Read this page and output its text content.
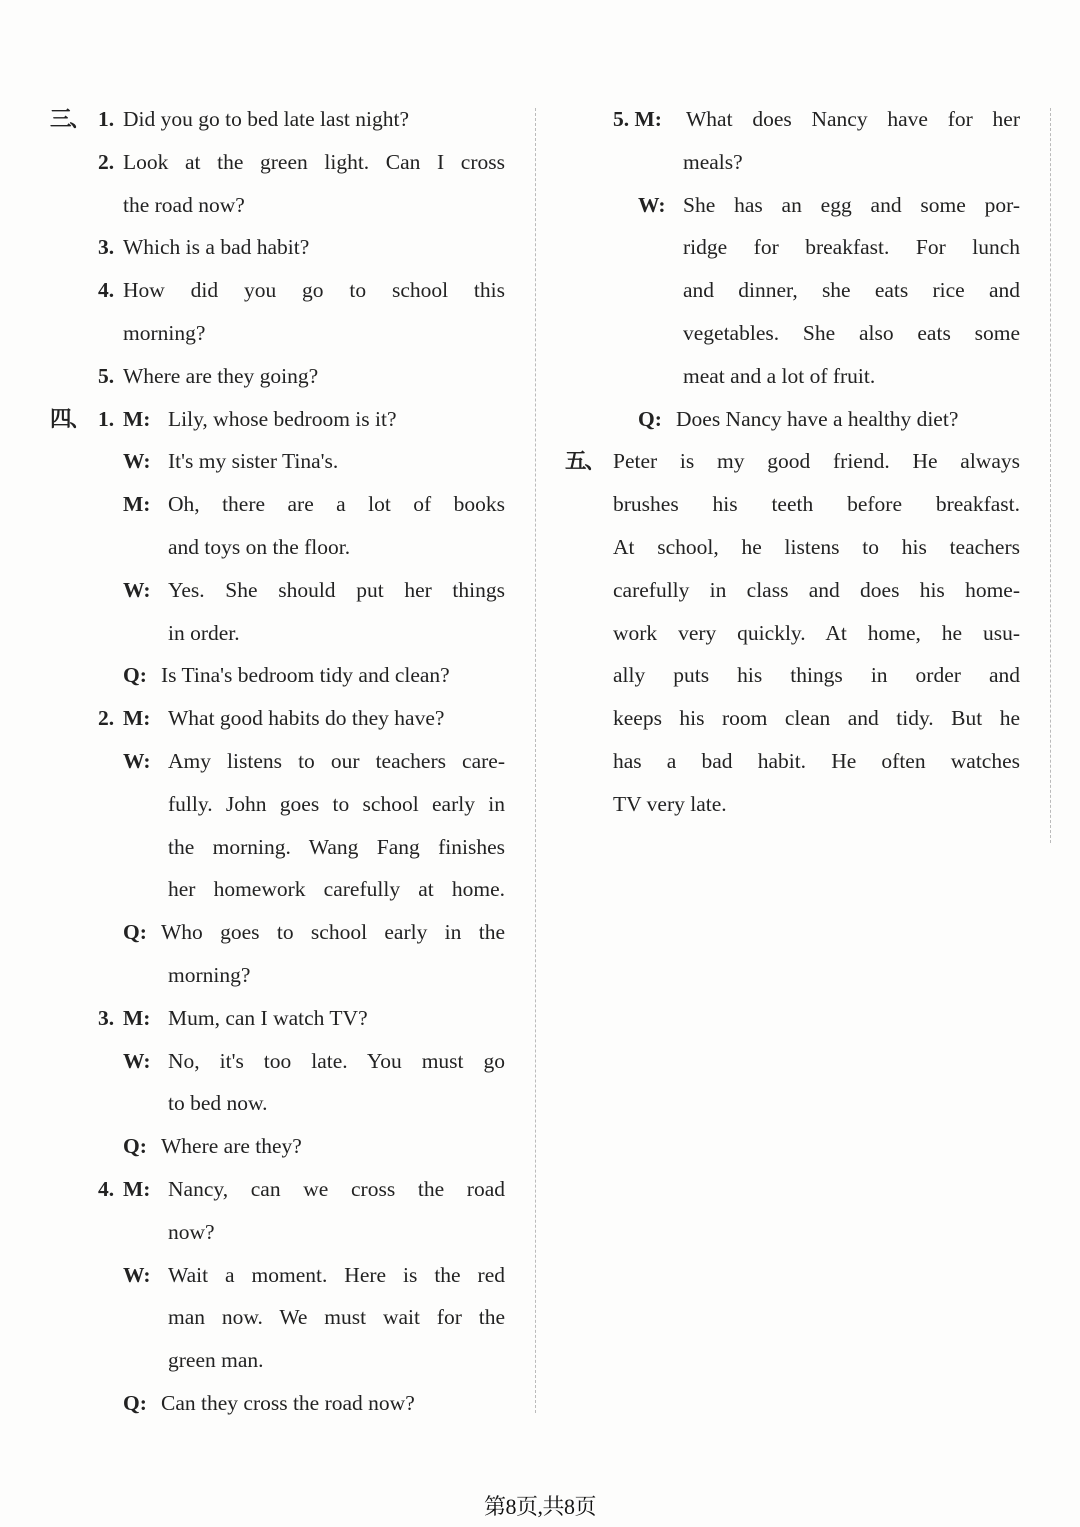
三、 1. Did you go to bed late last night?
2. Look at the green light. Can I cross
the road now?
3. Which is a bad habit?
4. How did you go to school this
morning?
5. Where are they going?
四、 1. M: Lily, whose bedroom is it?
W: It's my sister Tina's.
M: Oh, there are a lot of books
and toys on the floor.
W: Yes. She should put her things
in order.
Q: Is Tina's bedroom tidy and clean?
2. M: What good habits do they have?
W: Amy listens to our teachers care-
fully. John goes to school early in
the morning. Wang Fang finishes
her homework carefully at home.
Q: Who goes to school early in the
morning?
3. M: Mum, can I watch TV?
W: No, it's too late. You must go
to bed now.
Q: Where are they?
4. M: Nancy, can we cross the road
now?
W: Wait a moment. Here is the red
man now. We must wait for the
green man.
Q: Can they cross the road now?
5. M:	What does Nancy have for her
meals?
W: She has an egg and some por-
ridge for breakfast. For lunch
and dinner, she eats rice and
vegetables. She also eats some
meat and a lot of fruit.
Q: Does Nancy have a healthy diet?
五、 Peter is my good friend. He always
brushes his teeth before breakfast.
At school, he listens to his teachers
carefully in class and does his home-
work very quickly. At home, he usu-
ally puts his things in order and
keeps his room clean and tidy. But he
has a bad habit. He often watches
TV very late.
第8页,共8页
